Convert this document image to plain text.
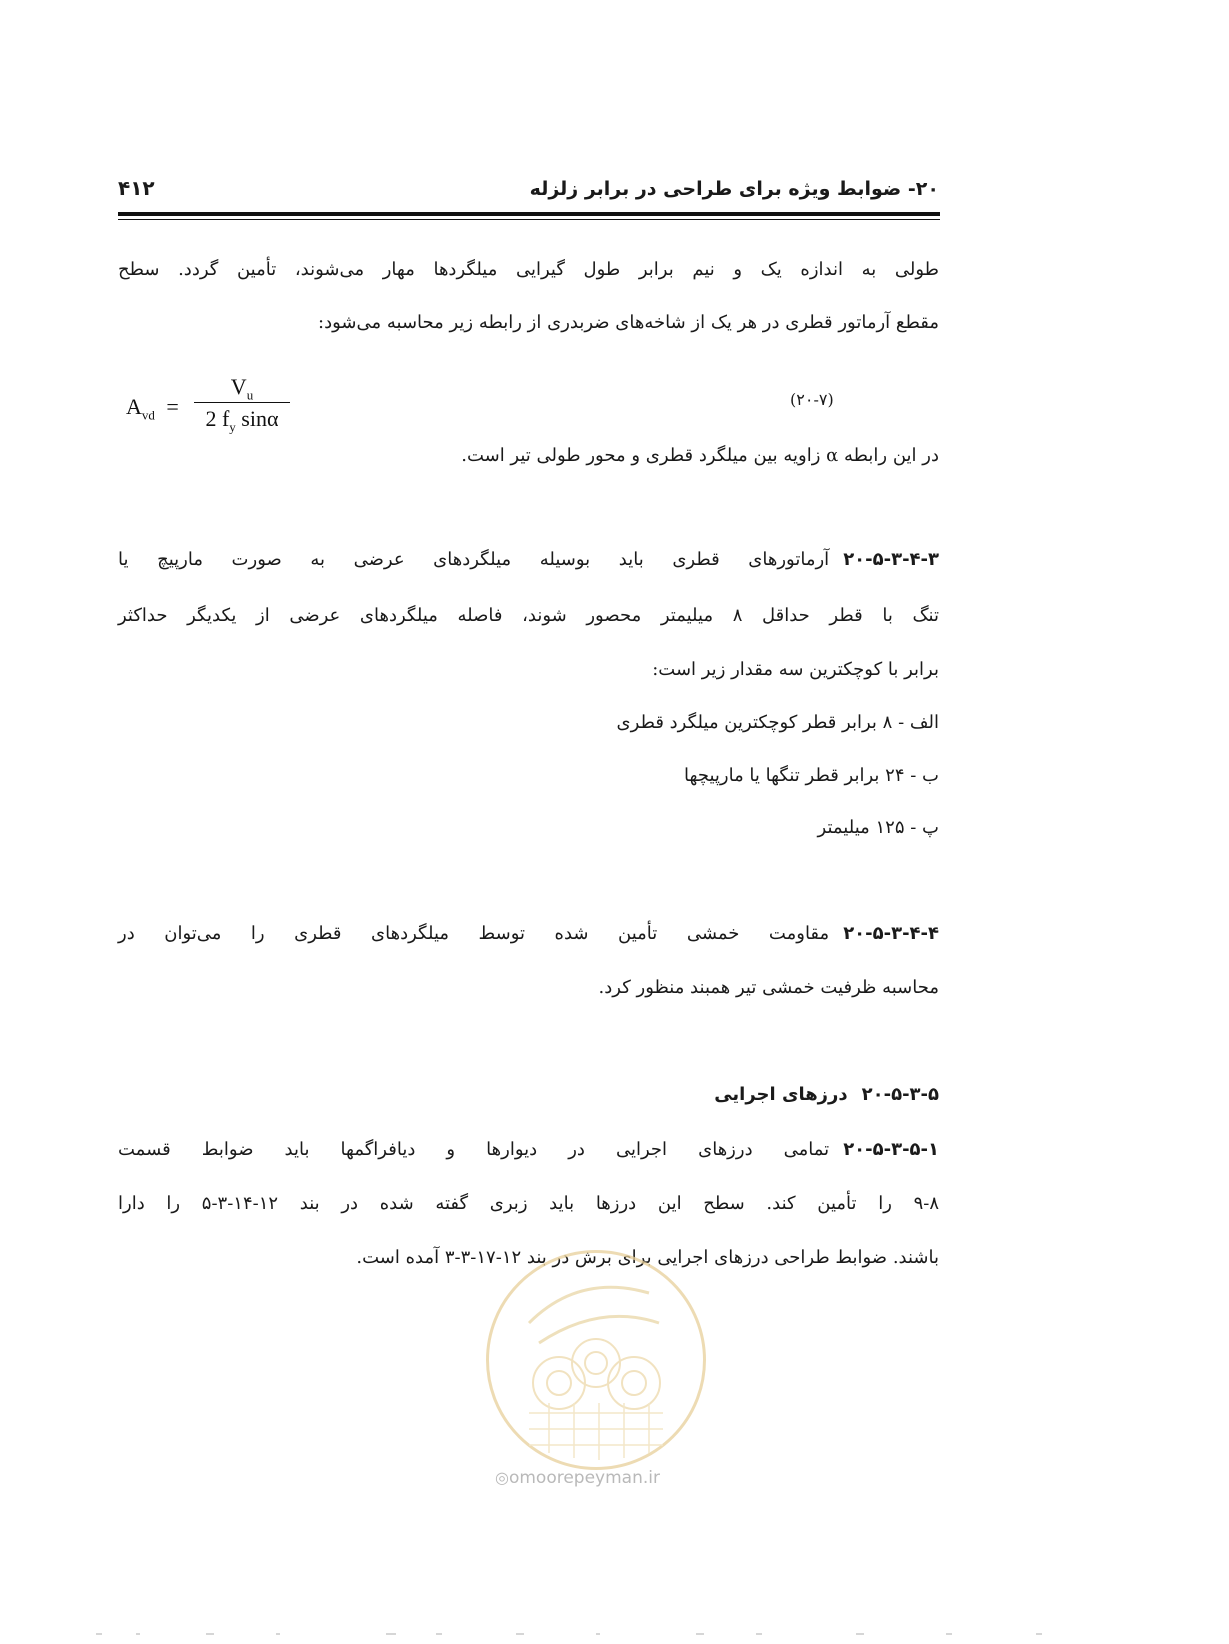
۲۰- ضوابط ویژه برای طراحی در برابر زلزله
۴۱۲
طولی به اندازه یک و نیم برابر طول گیرایی میلگردها مهار می‌شوند، تأمین گردد. سطح
مقطع آرماتور قطری در هر یک از شاخه‌های ضربدری از رابطه زیر محاسبه می‌شود:
$A_{vd}$ =
$V_u$
2 $f_y$ sinα
(۲۰-۷)
در این رابطه α زاویه بین میلگرد قطری و محور طولی تیر است.
۲۰-۵-۳-۴-۳آرماتورهای قطری باید بوسیله میلگردهای عرضی به صورت مارپیچ یا
تنگ با قطر حداقل ۸ میلیمتر محصور شوند، فاصله میلگردهای عرضی از یکدیگر حداکثر
برابر با کوچکترین سه مقدار زیر است:
الف - ۸ برابر قطر کوچکترین میلگرد قطری
ب - ۲۴ برابر قطر تنگها یا مارپیچها
پ - ۱۲۵ میلیمتر
۲۰-۵-۳-۴-۴مقاومت خمشی تأمین شده توسط میلگردهای قطری را می‌توان در
محاسبه ظرفیت خمشی تیر همبند منظور کرد.
۲۰-۵-۳-۵درزهای اجرایی
۲۰-۵-۳-۵-۱تمامی درزهای اجرایی در دیوارها و دیافراگمها باید ضوابط قسمت
۹-۸ را تأمین کند. سطح این درزها باید زبری گفته شده در بند ۱۲-۱۴-۳-۵ را دارا
باشند. ضوابط طراحی درزهای اجرایی برای برش در بند ۱۲-۱۷-۳-۳ آمده است.
◎omoorepeyman.ir
